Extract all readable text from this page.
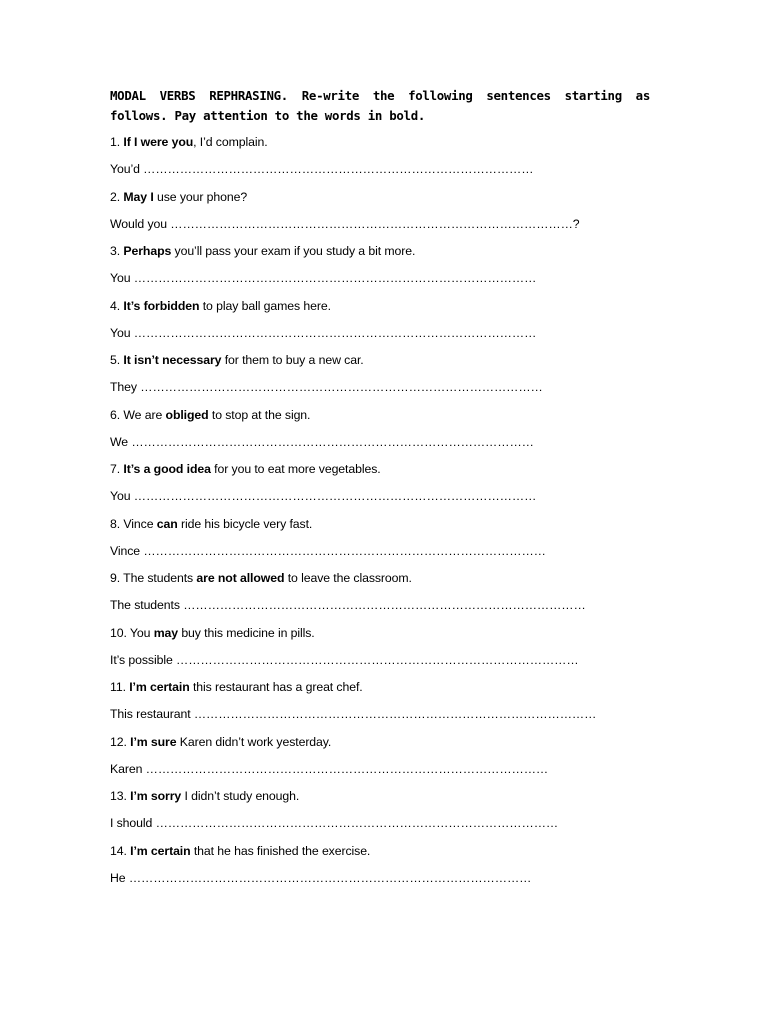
MODAL VERBS REPHRASING. Re-write the following sentences starting as follows. Pay attention to the words in bold.

1. If I were you, I’d complain.
You’d ……………………………………………………………………………………
2. May I use your phone?
Would you ………………………………………………………………………………………?
3. Perhaps you’ll pass your exam if you study a bit more.
You ………………………………………………………………………………………
4. It’s forbidden to play ball games here.
You ………………………………………………………………………………………
5. It isn’t necessary for them to buy a new car.
They ………………………………………………………………………………………
6. We are obliged to stop at the sign.
We ………………………………………………………………………………………
7. It’s a good idea for you to eat more vegetables.
You ………………………………………………………………………………………
8. Vince can ride his bicycle very fast.
Vince ………………………………………………………………………………………
9. The students are not allowed to leave the classroom.
The students ………………………………………………………………………………………
10. You may buy this medicine in pills.
It’s possible ………………………………………………………………………………………
11. I’m certain this restaurant has a great chef.
This restaurant ………………………………………………………………………………………
12. I’m sure Karen didn’t work yesterday.
Karen ………………………………………………………………………………………
13. I’m sorry I didn’t study enough.
I should ………………………………………………………………………………………
14. I’m certain that he has finished the exercise.
He ………………………………………………………………………………………
